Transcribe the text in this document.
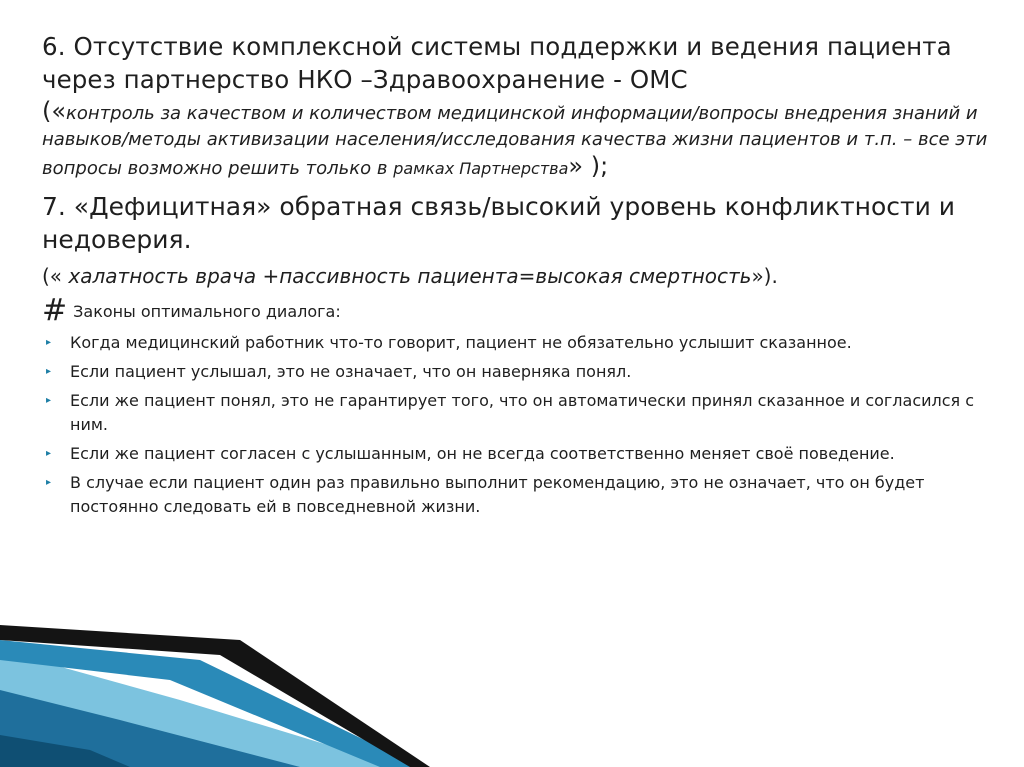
6. Отсутствие комплексной системы поддержки и ведения пациента через партнерство НКО –Здравоохранение - ОМС

(«контроль за качеством и количеством медицинской информации/вопросы внедрения знаний и навыков/методы активизации населения/исследования качества жизни пациентов и т.п. – все эти вопросы возможно решить только в рамках Партнерства» );

7. «Дефицитная» обратная связь/высокий уровень конфликтности и недоверия.

(« халатность врача +пассивность пациента=высокая смертность»).

# Законы оптимального диалога:

▸ Когда медицинский работник что-то говорит, пациент не обязательно услышит сказанное.
▸ Если пациент услышал, это не означает, что он наверняка понял.
▸ Если же пациент понял, это не гарантирует того, что он автоматически принял сказанное и согласился с ним.
▸ Если же пациент согласен с услышанным, он не всегда соответственно меняет своё поведение.
▸ В случае если пациент один раз правильно выполнит рекомендацию, это не означает, что он будет постоянно следовать ей в повседневной жизни.
